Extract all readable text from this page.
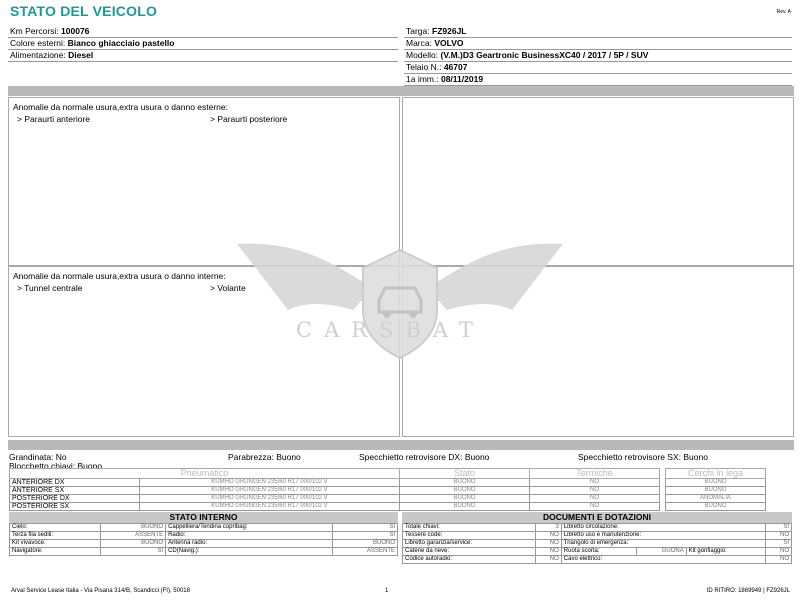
STATO DEL VEICOLO	Rev. A
Km Percorsi: 100076
Colore esterni: Bianco ghiacciaio pastello
Alimentazione: Diesel
Targa: FZ926JL
Marca: VOLVO
Modello: (V.M.)D3 Geartronic BusinessXC40 / 2017 / 5P / SUV
Telaio N.: 46707
1a imm.: 08/11/2019
Anomalie da normale usura,extra usura o danno esterne:
> Paraurti anteriore	> Paraurti posteriore
Anomalie da normale usura,extra usura o danno interne:
> Tunnel centrale	> Volante
CARSBAT
Grandinata: No	Parabrezza: Buono	Specchietto retrovisore DX: Buono	Specchietto retrovisore SX: Buono
Blocchetto chiavi: Buono
Pneumatico		Stato	Termiche		Cerchi in lega
ANTERIORE DX	KUMHO GRUNGEN 235/60 R17 000/102 V	BUONO	NO		BUONO
ANTERIORE SX	KUMHO GRUNGEN 235/60 R17 000/102 V	BUONO	NO		BUONO
POSTERIORE DX	KUMHO GRUNGEN 235/60 R17 000/102 V	BUONO	NO		ANOMALIA
POSTERIORE SX	KUMHO GRUNGEN 235/60 R17 000/102 V	BUONO	NO		BUONO
STATO INTERNO
Cielo:	BUONO	Cappelliera/Tendina copribag:	SI
Terza fila sedili:	ASSENTE	Radio:	SI
Kit vivavoce:	BUONO	Antenna radio:	BUONO
Navigatore:	SI	CD(Navig.):	ASSENTE
DOCUMENTI E DOTAZIONI
Totale chiavi:	3	Libretto circolazione:			SI
Tessere code:	NO	Libretto uso e manutenzione:			NO
Libretto garanzia/service:	NO	Triangolo di emergenza:			SI
Catene da neve:	NO	Ruota scorta:	GUONA	Kit gonfiaggio:	NO
Codice autoradio:	NO	Cavo elettrico:			NO
Arval Service Lease Italia - Via Pisana 314/B, Scandicci (FI), 50018	1	ID RITIRO: 1869949 | FZ926JL
